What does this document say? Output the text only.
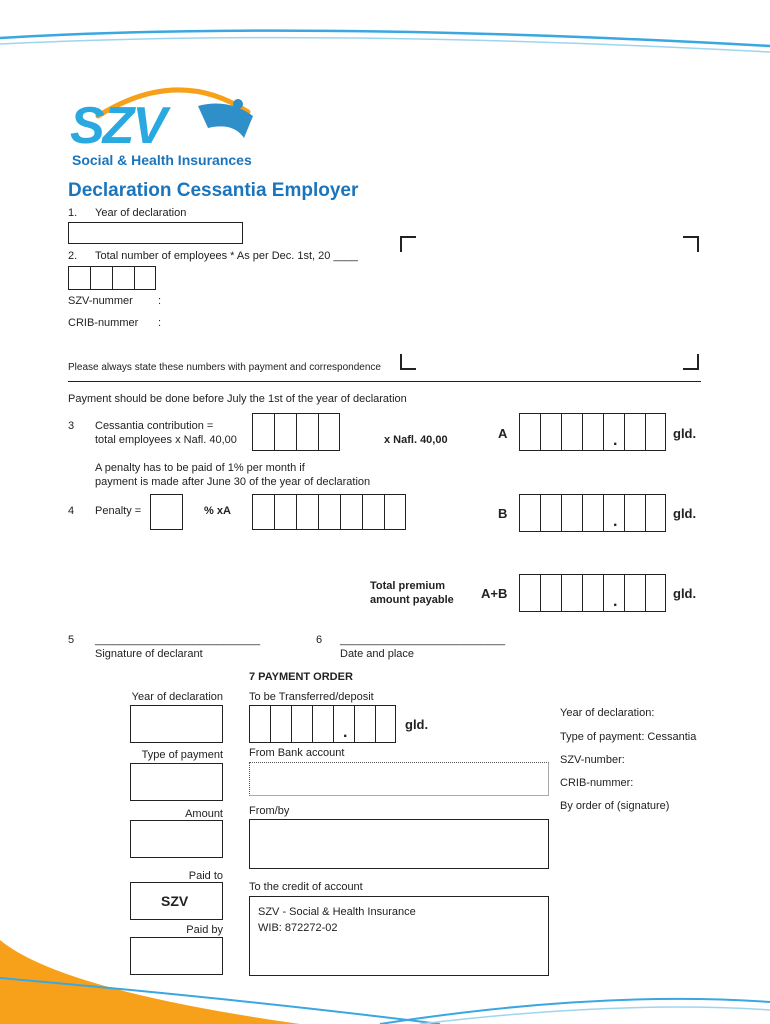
SZV
Social & Health Insurances
Declaration Cessantia Employer
1. Year of declaration
2. Total number of employees * As per Dec. 1st, 20 ____
SZV-nummer :
CRIB-nummer :
Please always state these numbers with payment and correspondence
Payment should be done before July the 1st of the year of declaration
3 Cessantia contribution =
total employees x Nafl. 40,00	x Nafl. 40,00	A	.	gld.
A penalty has to be paid of 1% per month if
payment is made after June 30 of the year of declaration
4 Penalty =	% xA	B	.	gld.
Total premium
amount payable A+B	.	gld.
5 ___________________________
Signature of declarant
6 ___________________________
Date and place
7 PAYMENT ORDER
Year of declaration
Type of payment
Amount
Paid to
SZV
Paid by
To be Transferred/deposit
.	gld.
From Bank account
From/by
To the credit of account
SZV - Social & Health Insurance
WIB: 872272-02
Year of declaration:
Type of payment: Cessantia
SZV-number:
CRIB-nummer:
By order of (signature)
